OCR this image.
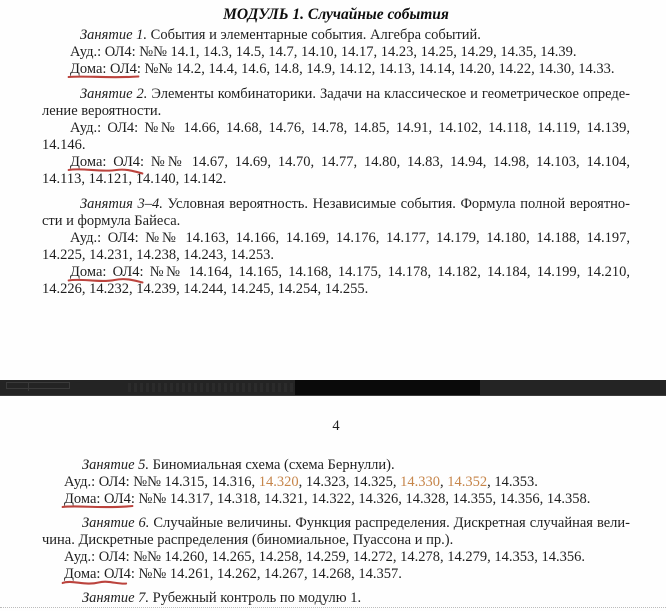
МОДУЛЬ 1. Случайные события
Занятие 1. События и элементарные события. Алгебра событий.
Ауд.: ОЛ4: №№ 14.1, 14.3, 14.5, 14.7, 14.10, 14.17, 14.23, 14.25, 14.29, 14.35, 14.39.
Дома: ОЛ4:
№№ 14.2, 14.4, 14.6, 14.8, 14.9, 14.12, 14.13, 14.14, 14.20, 14.22, 14.30, 14.33.
Занятие 2. Элементы комбинаторики. Задачи на классическое и геометрическое опреде-
ление вероятности.
Ауд.: ОЛ4: №№ 14.66, 14.68, 14.76, 14.78, 14.85, 14.91, 14.102, 14.118, 14.119, 14.139,
14.146.
Дома: ОЛ4:
№№ 14.67, 14.69, 14.70, 14.77, 14.80, 14.83, 14.94, 14.98, 14.103, 14.104,
14.113, 14.121, 14.140, 14.142.
Занятия 3–4. Условная вероятность. Независимые события. Формула полной вероятно-
сти и формула Байеса.
Ауд.: ОЛ4: №№ 14.163, 14.166, 14.169, 14.176, 14.177, 14.179, 14.180, 14.188, 14.197,
14.225, 14.231, 14.238, 14.243, 14.253.
Дома: ОЛ4:
№№ 14.164, 14.165, 14.168, 14.175, 14.178, 14.182, 14.184, 14.199, 14.210,
14.226, 14.232, 14.239, 14.244, 14.245, 14.254, 14.255.
4
Занятие 5. Биномиальная схема (схема Бернулли).
Ауд.: ОЛ4: №№ 14.315, 14.316, 14.320, 14.323, 14.325, 14.330, 14.352, 14.353.
Дома: ОЛ4:
№№ 14.317, 14.318, 14.321, 14.322, 14.326, 14.328, 14.355, 14.356, 14.358.
Занятие 6. Случайные величины. Функция распределения. Дискретная случайная вели-
чина. Дискретные распределения (биномиальное, Пуассона и пр.).
Ауд.: ОЛ4: №№ 14.260, 14.265, 14.258, 14.259, 14.272, 14.278, 14.279, 14.353, 14.356.
Дома: ОЛ4:
№№ 14.261, 14.262, 14.267, 14.268, 14.357.
Занятие 7. Рубежный контроль по модулю 1.
